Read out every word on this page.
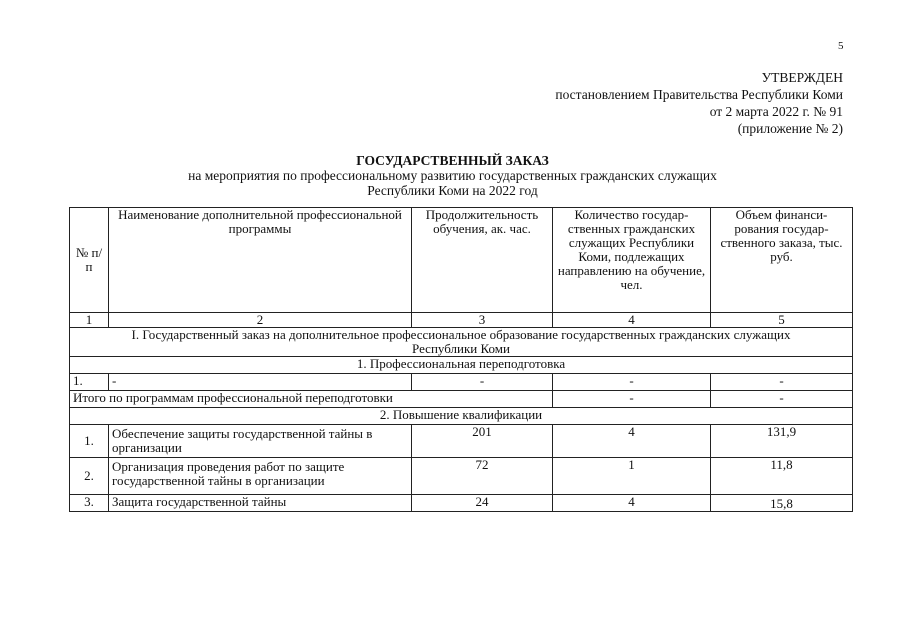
5
УТВЕРЖДЕН
постановлением Правительства Республики Коми
от 2 марта 2022 г. № 91
(приложение № 2)
ГОСУДАРСТВЕННЫЙ ЗАКАЗ
на мероприятия по профессиональному развитию государственных гражданских служащих
Республики Коми на 2022 год
№ п/п	Наименование дополнительной профессиональной программы	Продолжительность обучения, ак. час.	Количество государ-ственных гражданских служащих Республики Коми, подлежащих направлению на обучение, чел.	Объем финанси-рования государ-ственного заказа, тыс. руб.
1	2	3	4	5
I. Государственный заказ на дополнительное профессиональное образование государственных гражданских служащих Республики Коми				
1. Профессиональная переподготовка				
1.	-	-	-	-
Итого по программам профессиональной переподготовки			-	-
2. Повышение квалификации				
1.	Обеспечение защиты государственной тайны в организации	201	4	131,9
2.	Организация проведения работ по защите государственной тайны в организации	72	1	11,8
3.	Защита государственной тайны	24	4	15,8
